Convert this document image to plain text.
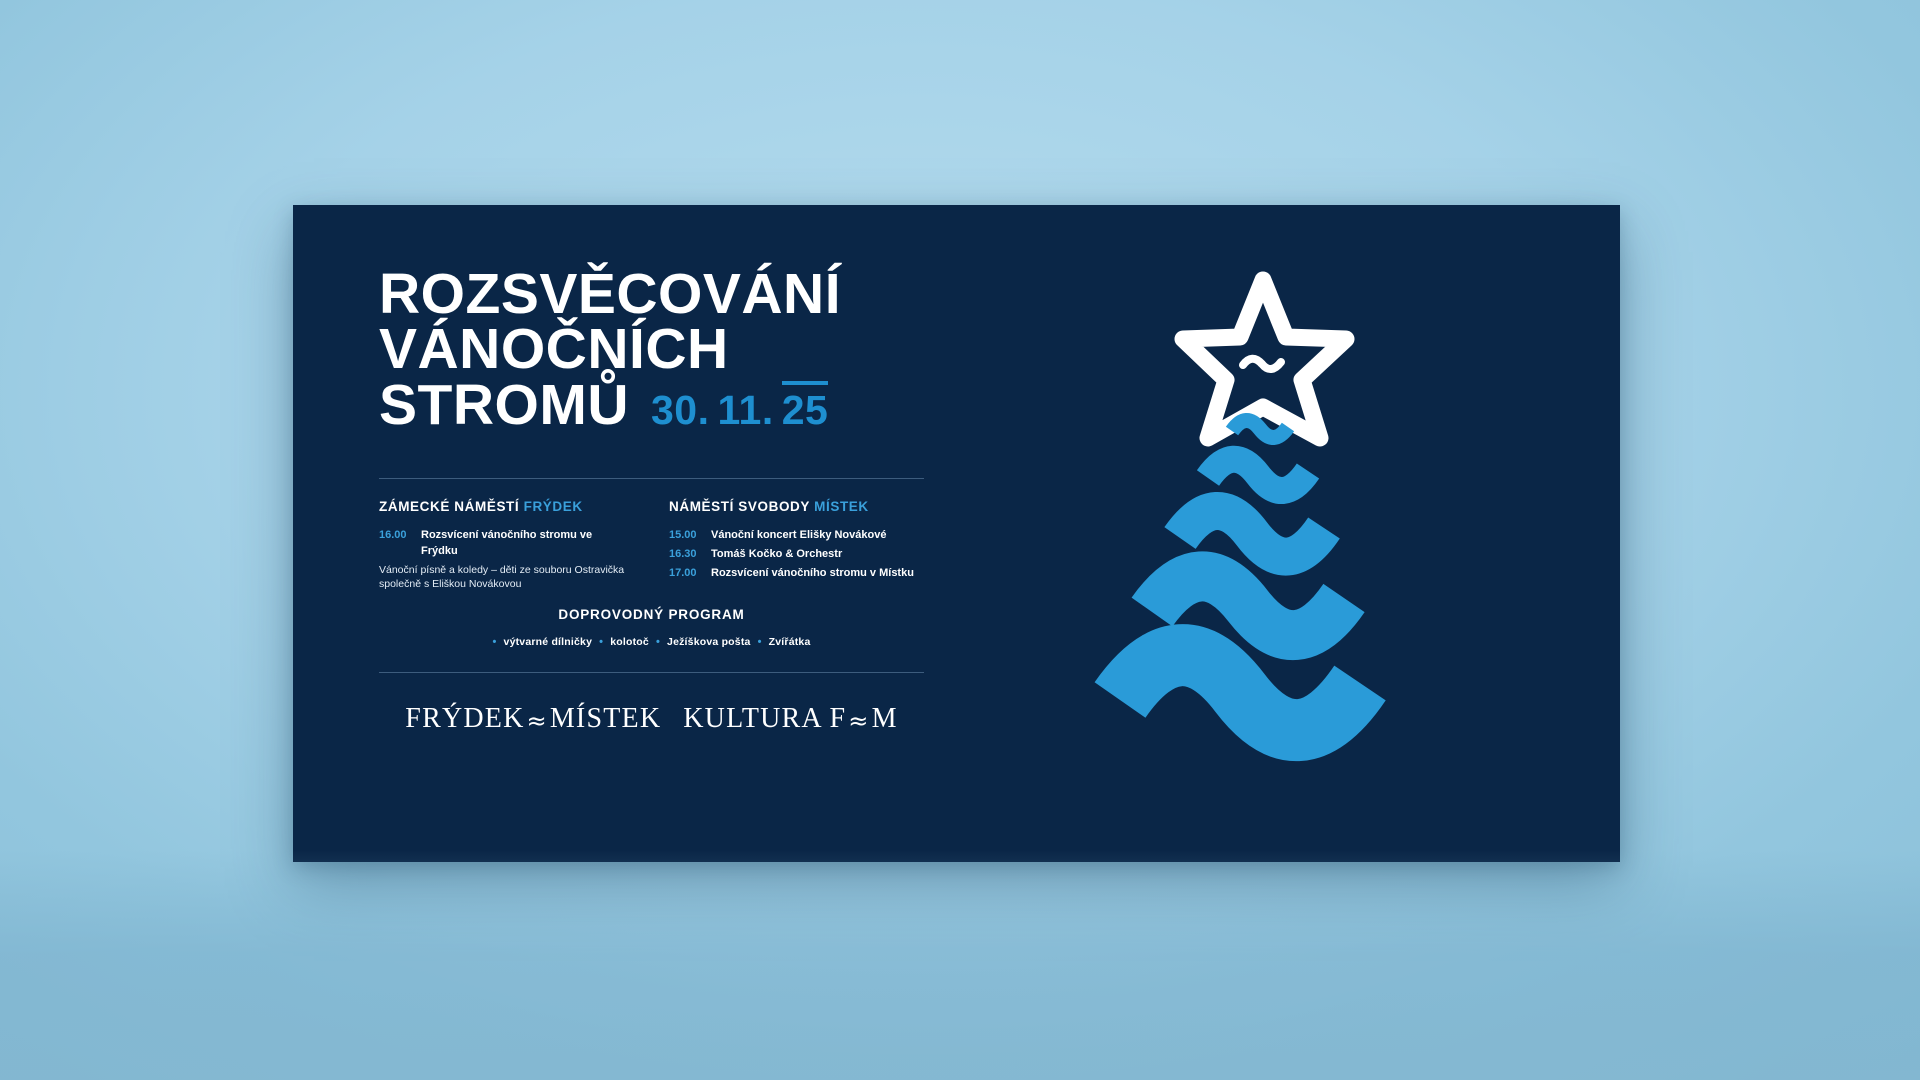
ROZSVĚCOVÁNÍ
VÁNOČNÍCH
STROMŮ 30. 11. 25
ZÁMECKÉ NÁMĚSTÍ FRÝDEK
16.00	Rozsvícení vánočního stromu ve Frýdku
Vánoční písně a koledy – děti ze souboru Ostravička společně s Eliškou Novákovou
NÁMĚSTÍ SVOBODY MÍSTEK
15.00	Vánoční koncert Elišky Novákové
16.30	Tomáš Kočko & Orchestr
17.00	Rozsvícení vánočního stromu v Místku
DOPROVODNÝ PROGRAM
• výtvarné dílničky • kolotoč • Ježíškova pošta • Zvířátka
FRÝDEK ≈ MÍSTEK KULTURA F ≈ M
